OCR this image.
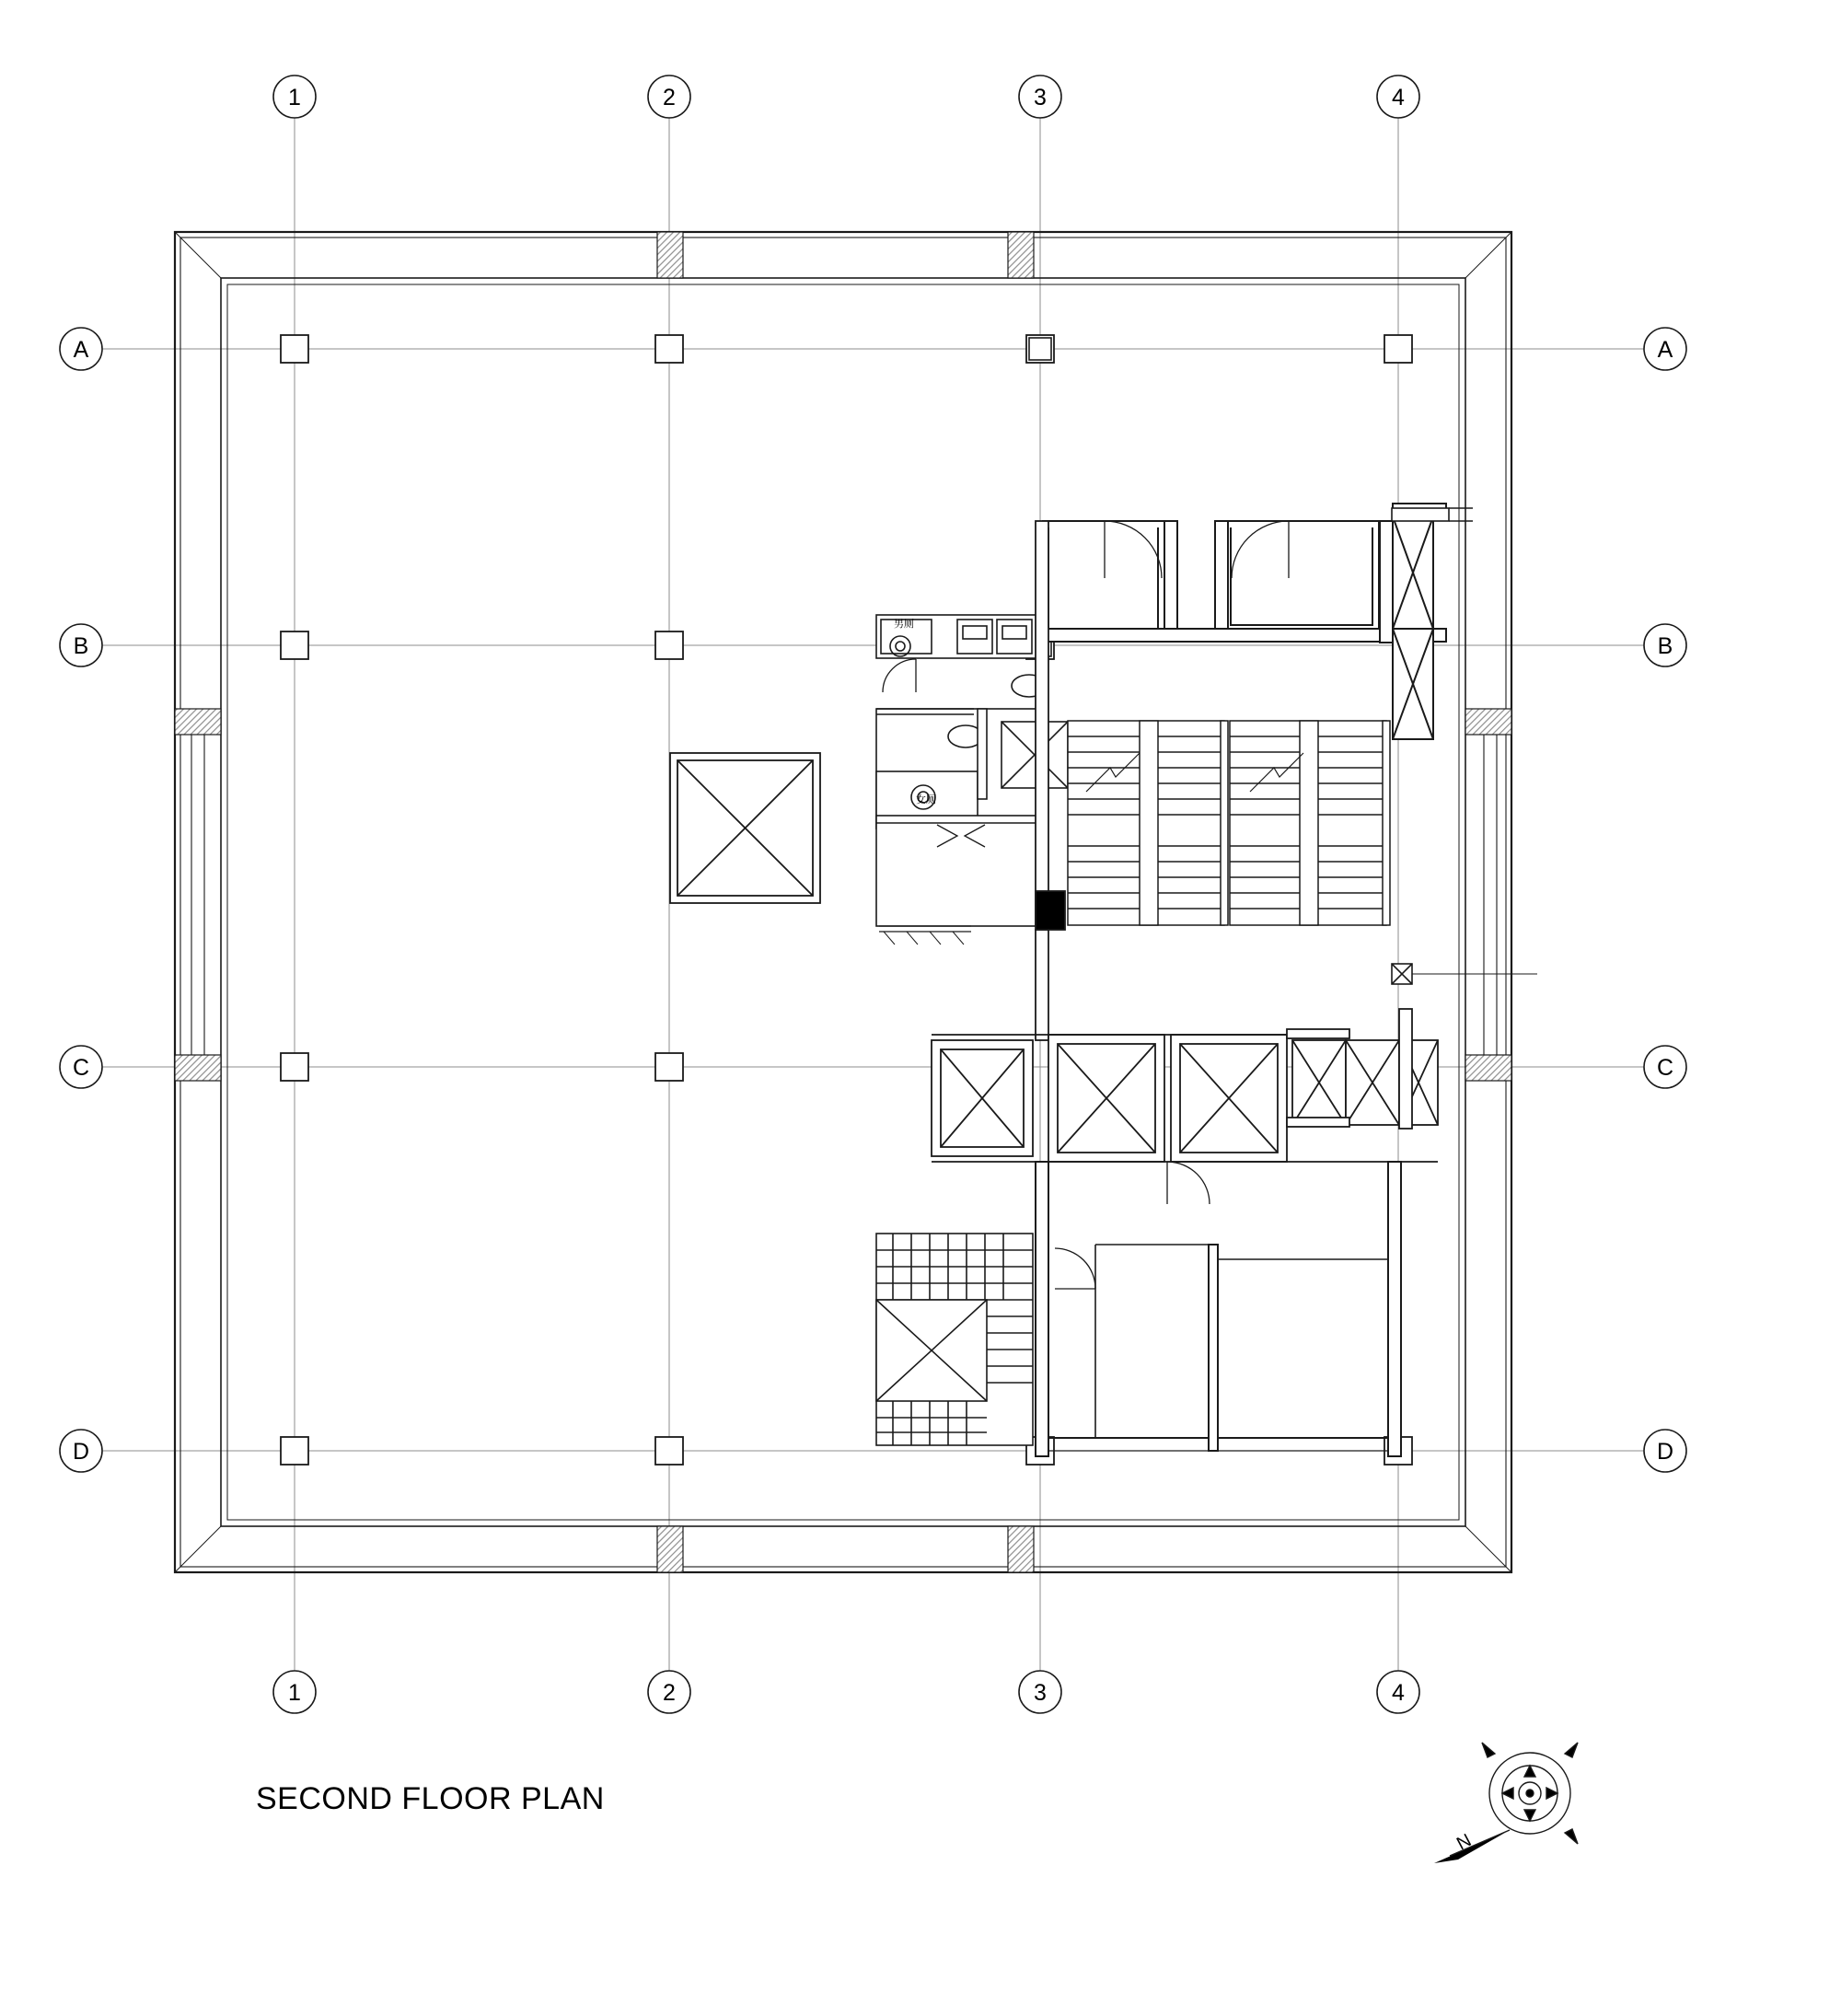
1	2	3	4
1	2	3	4
A
B
C
D
A
B
C
D
男厕
女厕
N
SECOND FLOOR PLAN
